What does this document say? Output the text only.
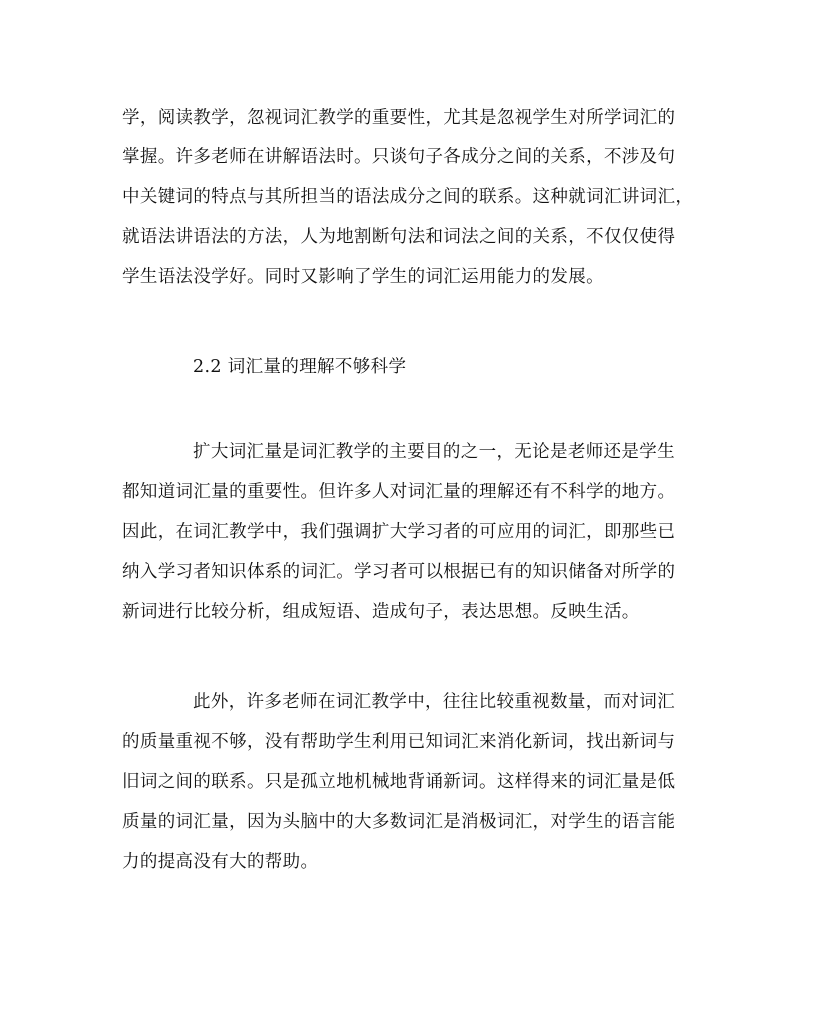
学，阅读教学，忽视词汇教学的重要性，尤其是忽视学生对所学词汇的
掌握。许多老师在讲解语法时。只谈句子各成分之间的关系，不涉及句
中关键词的特点与其所担当的语法成分之间的联系。这种就词汇讲词汇，
就语法讲语法的方法，人为地割断句法和词法之间的关系，不仅仅使得
学生语法没学好。同时又影响了学生的词汇运用能力的发展。
2.2 词汇量的理解不够科学
扩大词汇量是词汇教学的主要目的之一，无论是老师还是学生
都知道词汇量的重要性。但许多人对词汇量的理解还有不科学的地方。
因此，在词汇教学中，我们强调扩大学习者的可应用的词汇，即那些已
纳入学习者知识体系的词汇。学习者可以根据已有的知识储备对所学的
新词进行比较分析，组成短语、造成句子，表达思想。反映生活。
此外，许多老师在词汇教学中，往往比较重视数量，而对词汇
的质量重视不够，没有帮助学生利用已知词汇来消化新词，找出新词与
旧词之间的联系。只是孤立地机械地背诵新词。这样得来的词汇量是低
质量的词汇量，因为头脑中的大多数词汇是消极词汇，对学生的语言能
力的提高没有大的帮助。
